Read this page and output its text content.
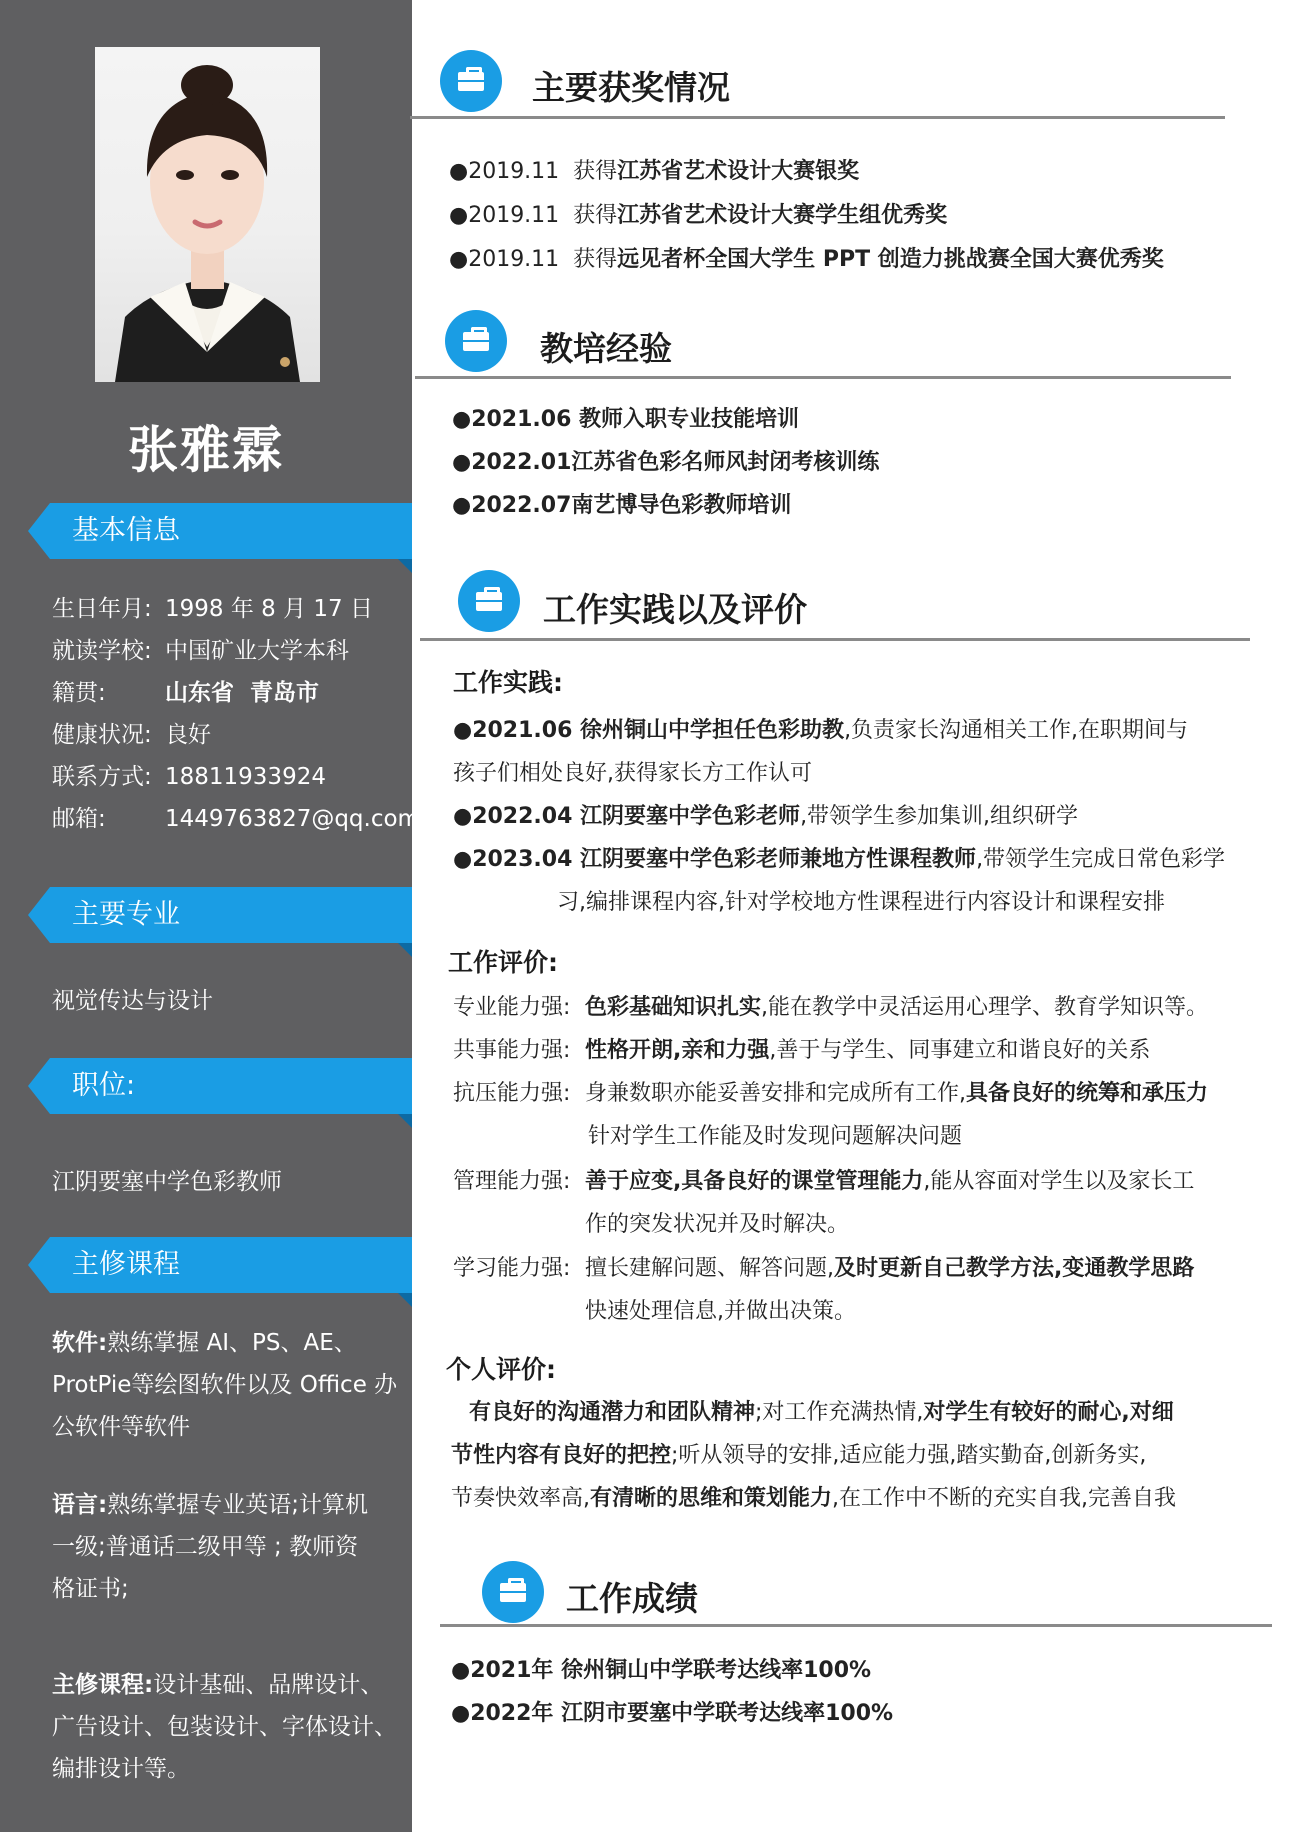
张雅霖
基本信息
生日年月: 1998 年 8 月 17 日
就读学校: 中国矿业大学本科
籍贯:	山东省  青岛市
健康状况: 良好
联系方式: 18811933924
邮箱:	1449763827@qq.com
主要专业
视觉传达与设计
职位:
江阴要塞中学色彩教师
主修课程
软件:熟练掌握 AI、PS、AE、
ProtPie等绘图软件以及 Office 办
公软件等软件
语言:熟练掌握专业英语;计算机
一级;普通话二级甲等 ; 教师资
格证书;
主修课程:设计基础、品牌设计、
广告设计、包装设计、字体设计、
编排设计等。
主要获奖情况
●2019.11  获得江苏省艺术设计大赛银奖
●2019.11  获得江苏省艺术设计大赛学生组优秀奖
●2019.11  获得远见者杯全国大学生 PPT 创造力挑战赛全国大赛优秀奖
教培经验
●2021.06 教师入职专业技能培训
●2022.01江苏省色彩名师风封闭考核训练
●2022.07南艺博导色彩教师培训
工作实践以及评价
工作实践:
●2021.06 徐州铜山中学担任色彩助教,负责家长沟通相关工作,在职期间与
孩子们相处良好,获得家长方工作认可
●2022.04 江阴要塞中学色彩老师,带领学生参加集训,组织研学
●2023.04 江阴要塞中学色彩老师兼地方性课程教师,带领学生完成日常色彩学
习,编排课程内容,针对学校地方性课程进行内容设计和课程安排
工作评价:
专业能力强: 色彩基础知识扎实,能在教学中灵活运用心理学、教育学知识等。
共事能力强: 性格开朗,亲和力强,善于与学生、同事建立和谐良好的关系
抗压能力强: 身兼数职亦能妥善安排和完成所有工作,具备良好的统筹和承压力
针对学生工作能及时发现问题解决问题
管理能力强: 善于应变,具备良好的课堂管理能力,能从容面对学生以及家长工
作的突发状况并及时解决。
学习能力强: 擅长建解问题、解答问题,及时更新自己教学方法,变通教学思路
快速处理信息,并做出决策。
个人评价:
有良好的沟通潜力和团队精神;对工作充满热情,对学生有较好的耐心,对细
节性内容有良好的把控;听从领导的安排,适应能力强,踏实勤奋,创新务实,
节奏快效率高,有清晰的思维和策划能力,在工作中不断的充实自我,完善自我
工作成绩
●2021年 徐州铜山中学联考达线率100%
●2022年 江阴市要塞中学联考达线率100%
